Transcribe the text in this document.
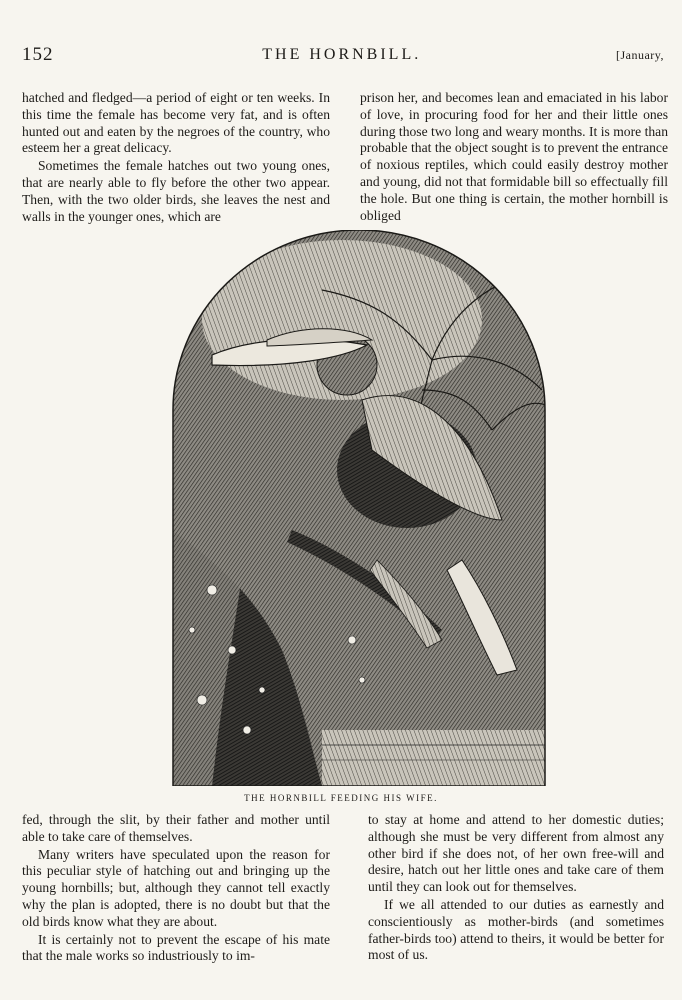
152	THE HORNBILL.	[January,

hatched and fledged—a period of eight or ten weeks. In this time the female has become very fat, and is often hunted out and eaten by the negroes of the country, who esteem her a great delicacy.

Sometimes the female hatches out two young ones, that are nearly able to fly before the other two appear. Then, with the two older birds, she leaves the nest and walls in the younger ones, which are

prison her, and becomes lean and emaciated in his labor of love, in procuring food for her and their little ones during those two long and weary months. It is more than probable that the object sought is to prevent the entrance of noxious reptiles, which could easily destroy mother and young, did not that formidable bill so effectually fill the hole. But one thing is certain, the mother hornbill is obliged

THE HORNBILL FEEDING HIS WIFE.

fed, through the slit, by their father and mother until able to take care of themselves.

Many writers have speculated upon the reason for this peculiar style of hatching out and bringing up the young hornbills; but, although they cannot tell exactly why the plan is adopted, there is no doubt but that the old birds know what they are about.

It is certainly not to prevent the escape of his mate that the male works so industriously to im-

to stay at home and attend to her domestic duties; although she must be very different from almost any other bird if she does not, of her own free-will and desire, hatch out her little ones and take care of them until they can look out for themselves.

If we all attended to our duties as earnestly and conscientiously as mother-birds (and sometimes father-birds too) attend to theirs, it would be better for most of us.
